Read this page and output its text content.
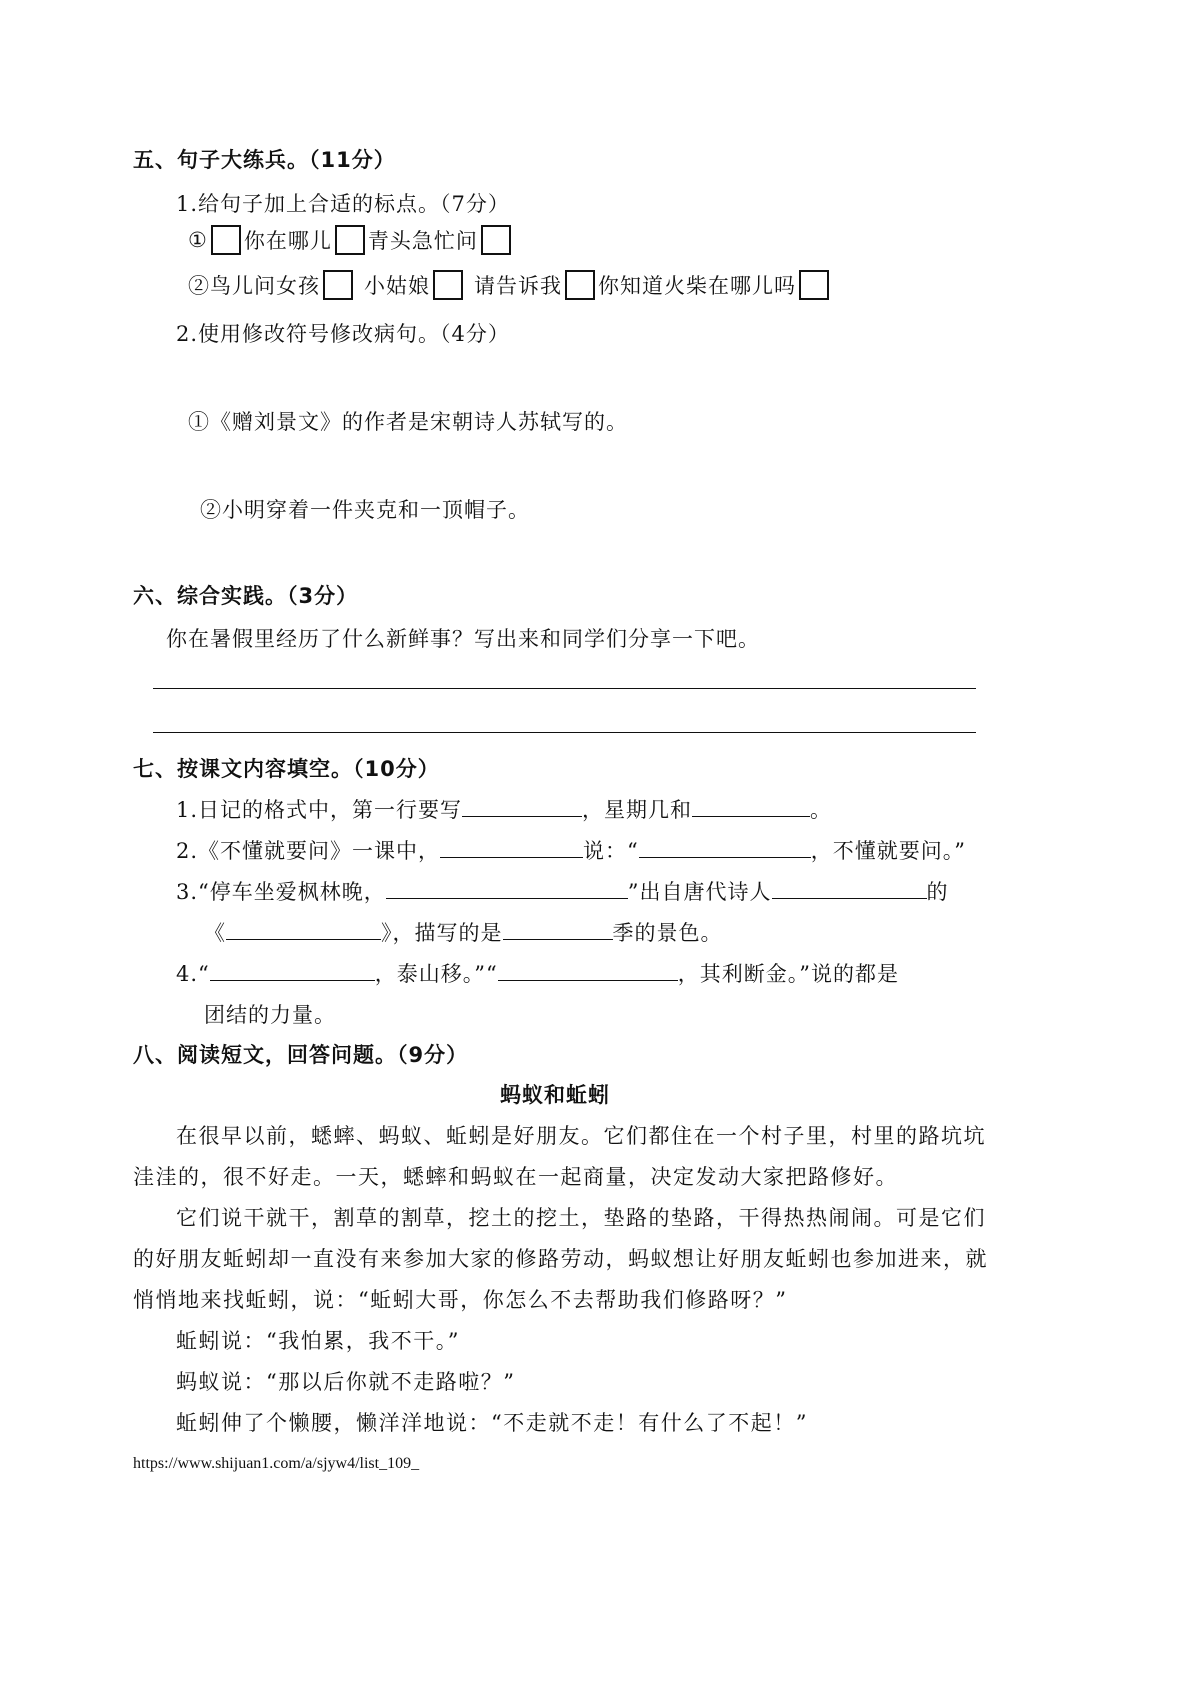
五、句子大练兵。（11分）
1.给句子加上合适的标点。（7分）
① 你在哪儿 青头急忙问
②鸟儿问女孩 小姑娘 请告诉我 你知道火柴在哪儿吗
2.使用修改符号修改病句。（4分）
①《赠刘景文》的作者是宋朝诗人苏轼写的。
②小明穿着一件夹克和一顶帽子。
六、综合实践。（3分）
你在暑假里经历了什么新鲜事？写出来和同学们分享一下吧。
七、按课文内容填空。（10分）
1.日记的格式中，第一行要写	，星期几和	。
2.《不懂就要问》一课中，	说：“	，不懂就要问。”
3.“停车坐爱枫林晚，	”出自唐代诗人	的
《	》，描写的是	季的景色。
4.“	，泰山移。”“	，其利断金。”说的都是
团结的力量。
八、阅读短文，回答问题。（9分）
蚂蚁和蚯蚓
在很早以前，蟋蟀、蚂蚁、蚯蚓是好朋友。它们都住在一个村子里，村里的路坑坑
洼洼的，很不好走。一天，蟋蟀和蚂蚁在一起商量，决定发动大家把路修好。
它们说干就干，割草的割草，挖土的挖土，垫路的垫路，干得热热闹闹。可是它们
的好朋友蚯蚓却一直没有来参加大家的修路劳动，蚂蚁想让好朋友蚯蚓也参加进来，就
悄悄地来找蚯蚓，说：“蚯蚓大哥，你怎么不去帮助我们修路呀？”
蚯蚓说：“我怕累，我不干。”
蚂蚁说：“那以后你就不走路啦？”
蚯蚓伸了个懒腰，懒洋洋地说：“不走就不走！有什么了不起！”
https://www.shijuan1.com/a/sjyw4/list_109_
